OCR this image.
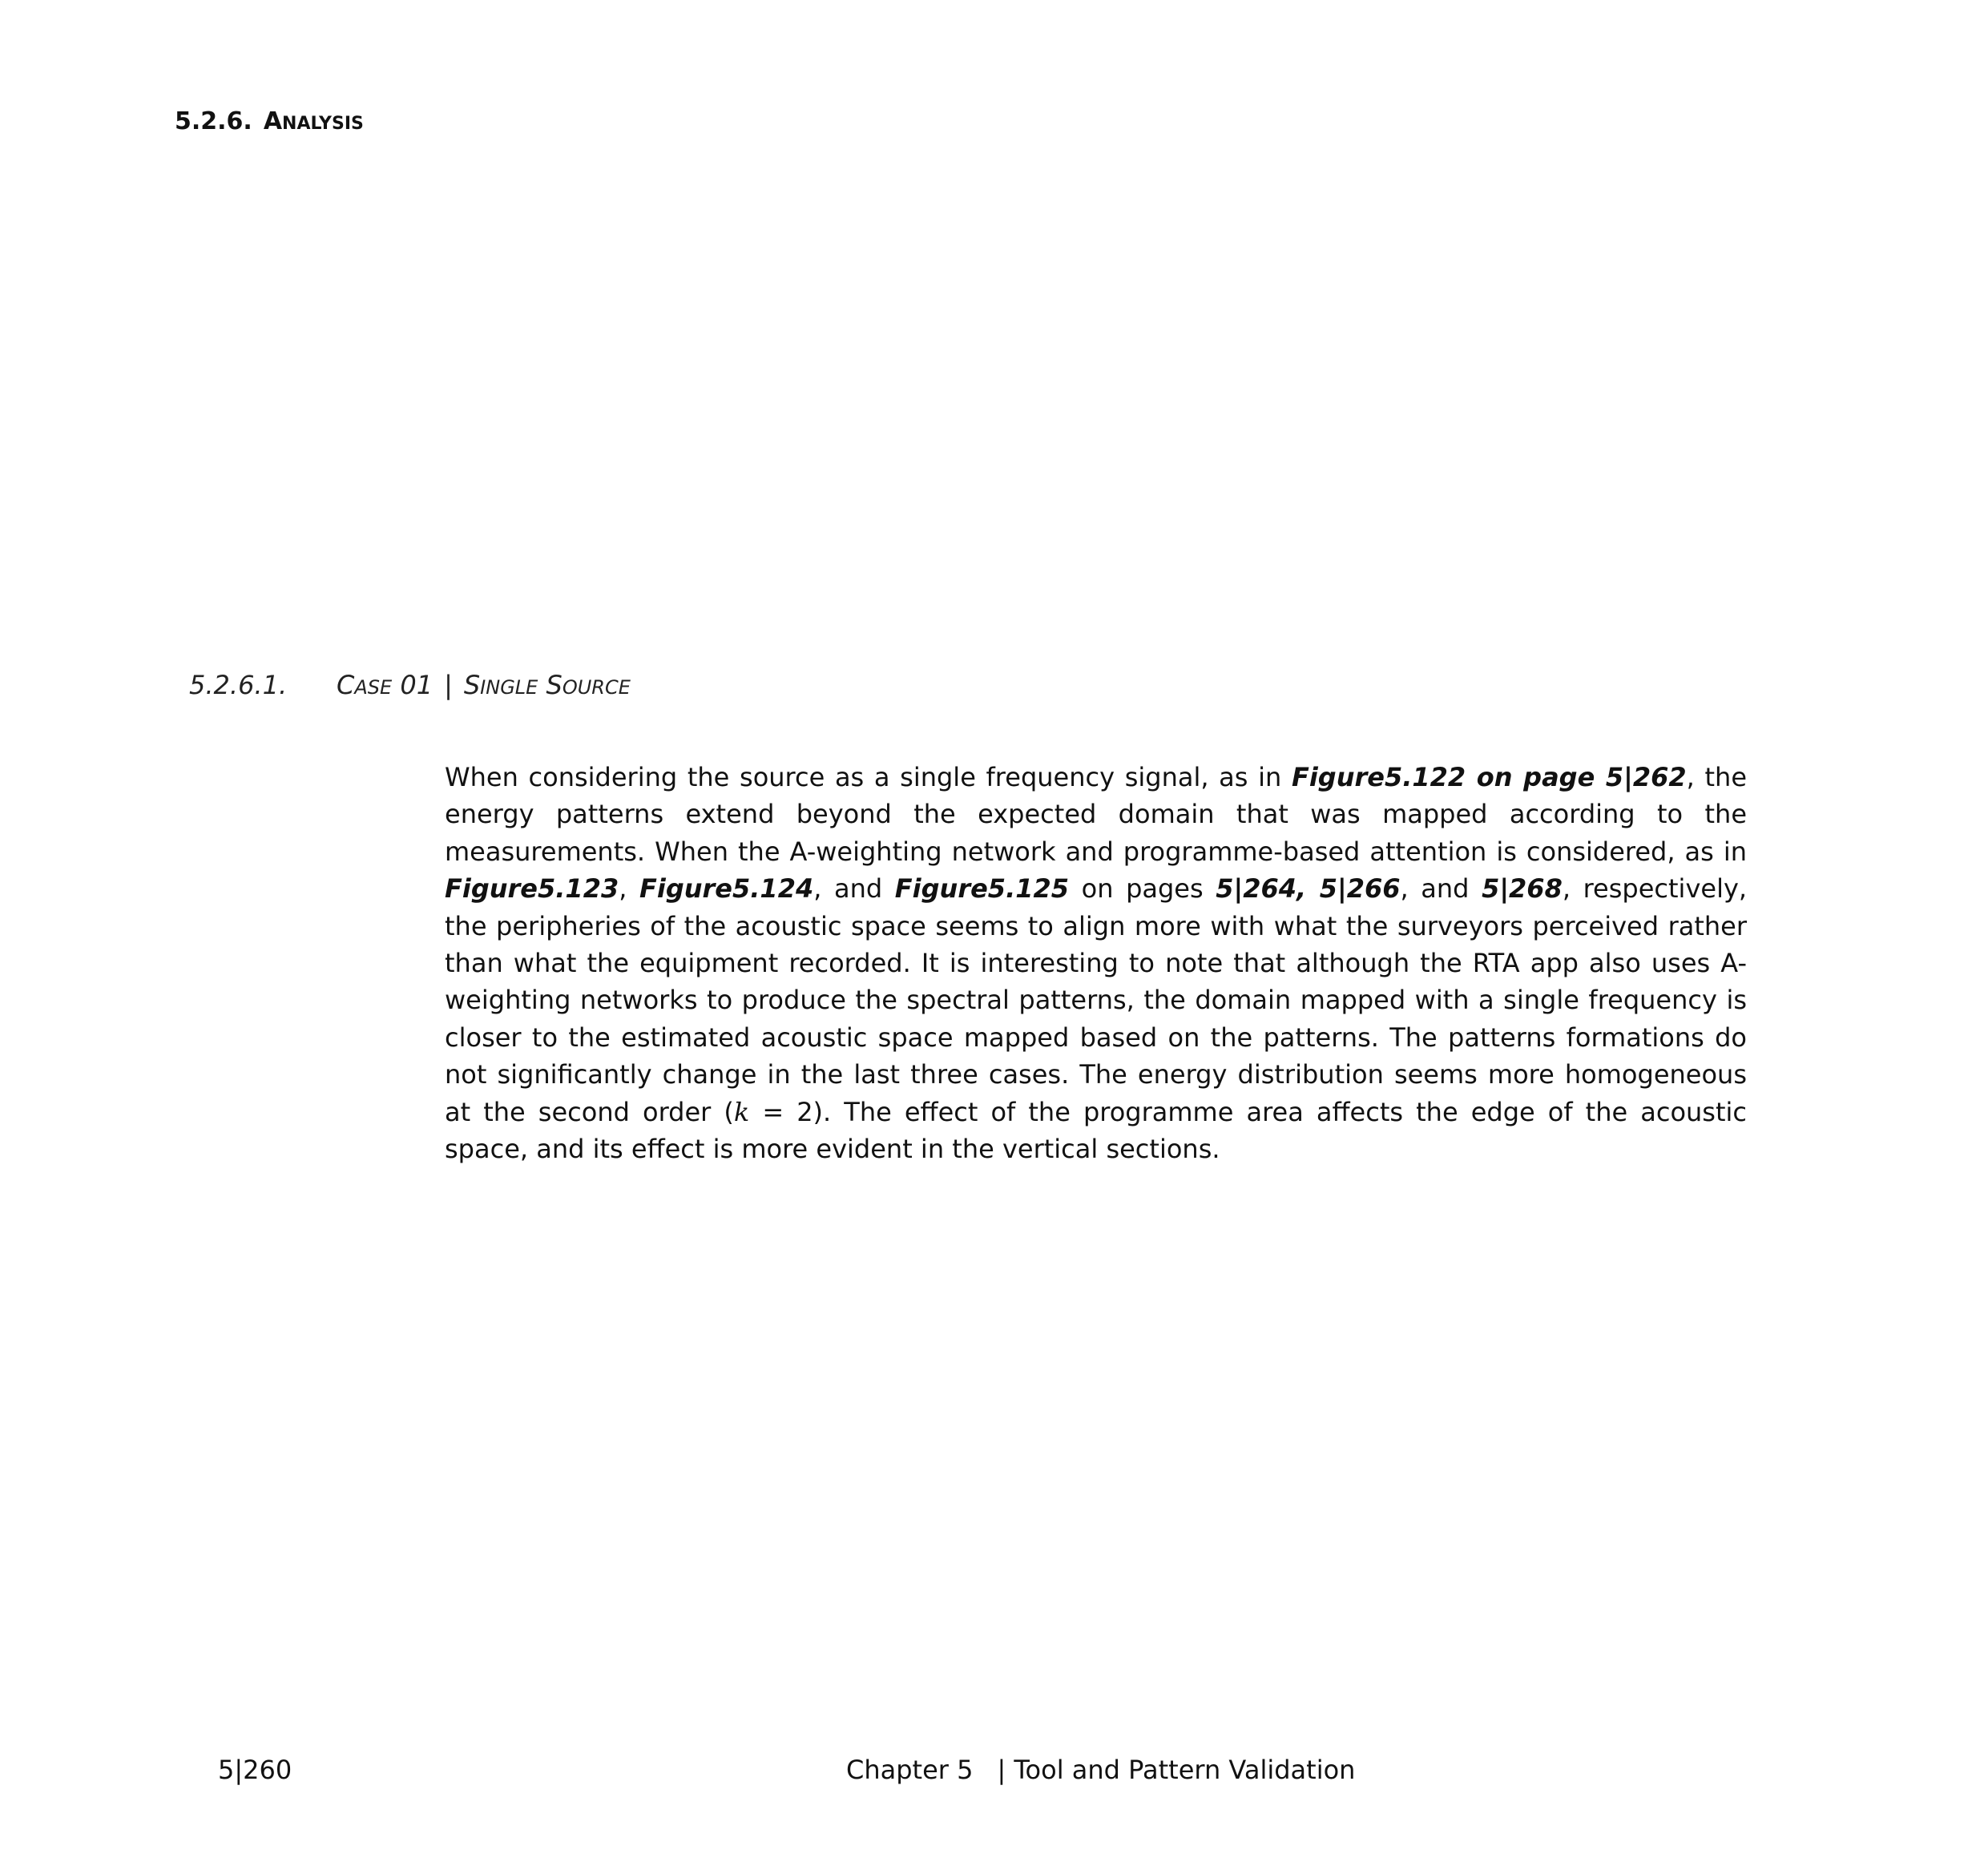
5.2.6. ANALYSIS
5.2.6.1. CASE 01 | SINGLE SOURCE

When considering the source as a single frequency signal, as in Figure5.122 on page 5|262, the energy patterns extend beyond the expected domain that was mapped according to the measurements. When the A-weighting network and programme-based attention is considered, as in Figure5.123, Figure5.124, and Figure5.125 on pages 5|264, 5|266, and 5|268, respectively, the peripheries of the acoustic space seems to align more with what the surveyors perceived rather than what the equipment recorded. It is interesting to note that although the RTA app also uses A-weighting networks to produce the spectral patterns, the domain mapped with a single frequency is closer to the estimated acoustic space mapped based on the patterns. The patterns formations do not significantly change in the last three cases. The energy distribution seems more homogeneous at the second order (k = 2). The effect of the programme area affects the edge of the acoustic space, and its effect is more evident in the vertical sections.

5|260	Chapter 5 | Tool and Pattern Validation
